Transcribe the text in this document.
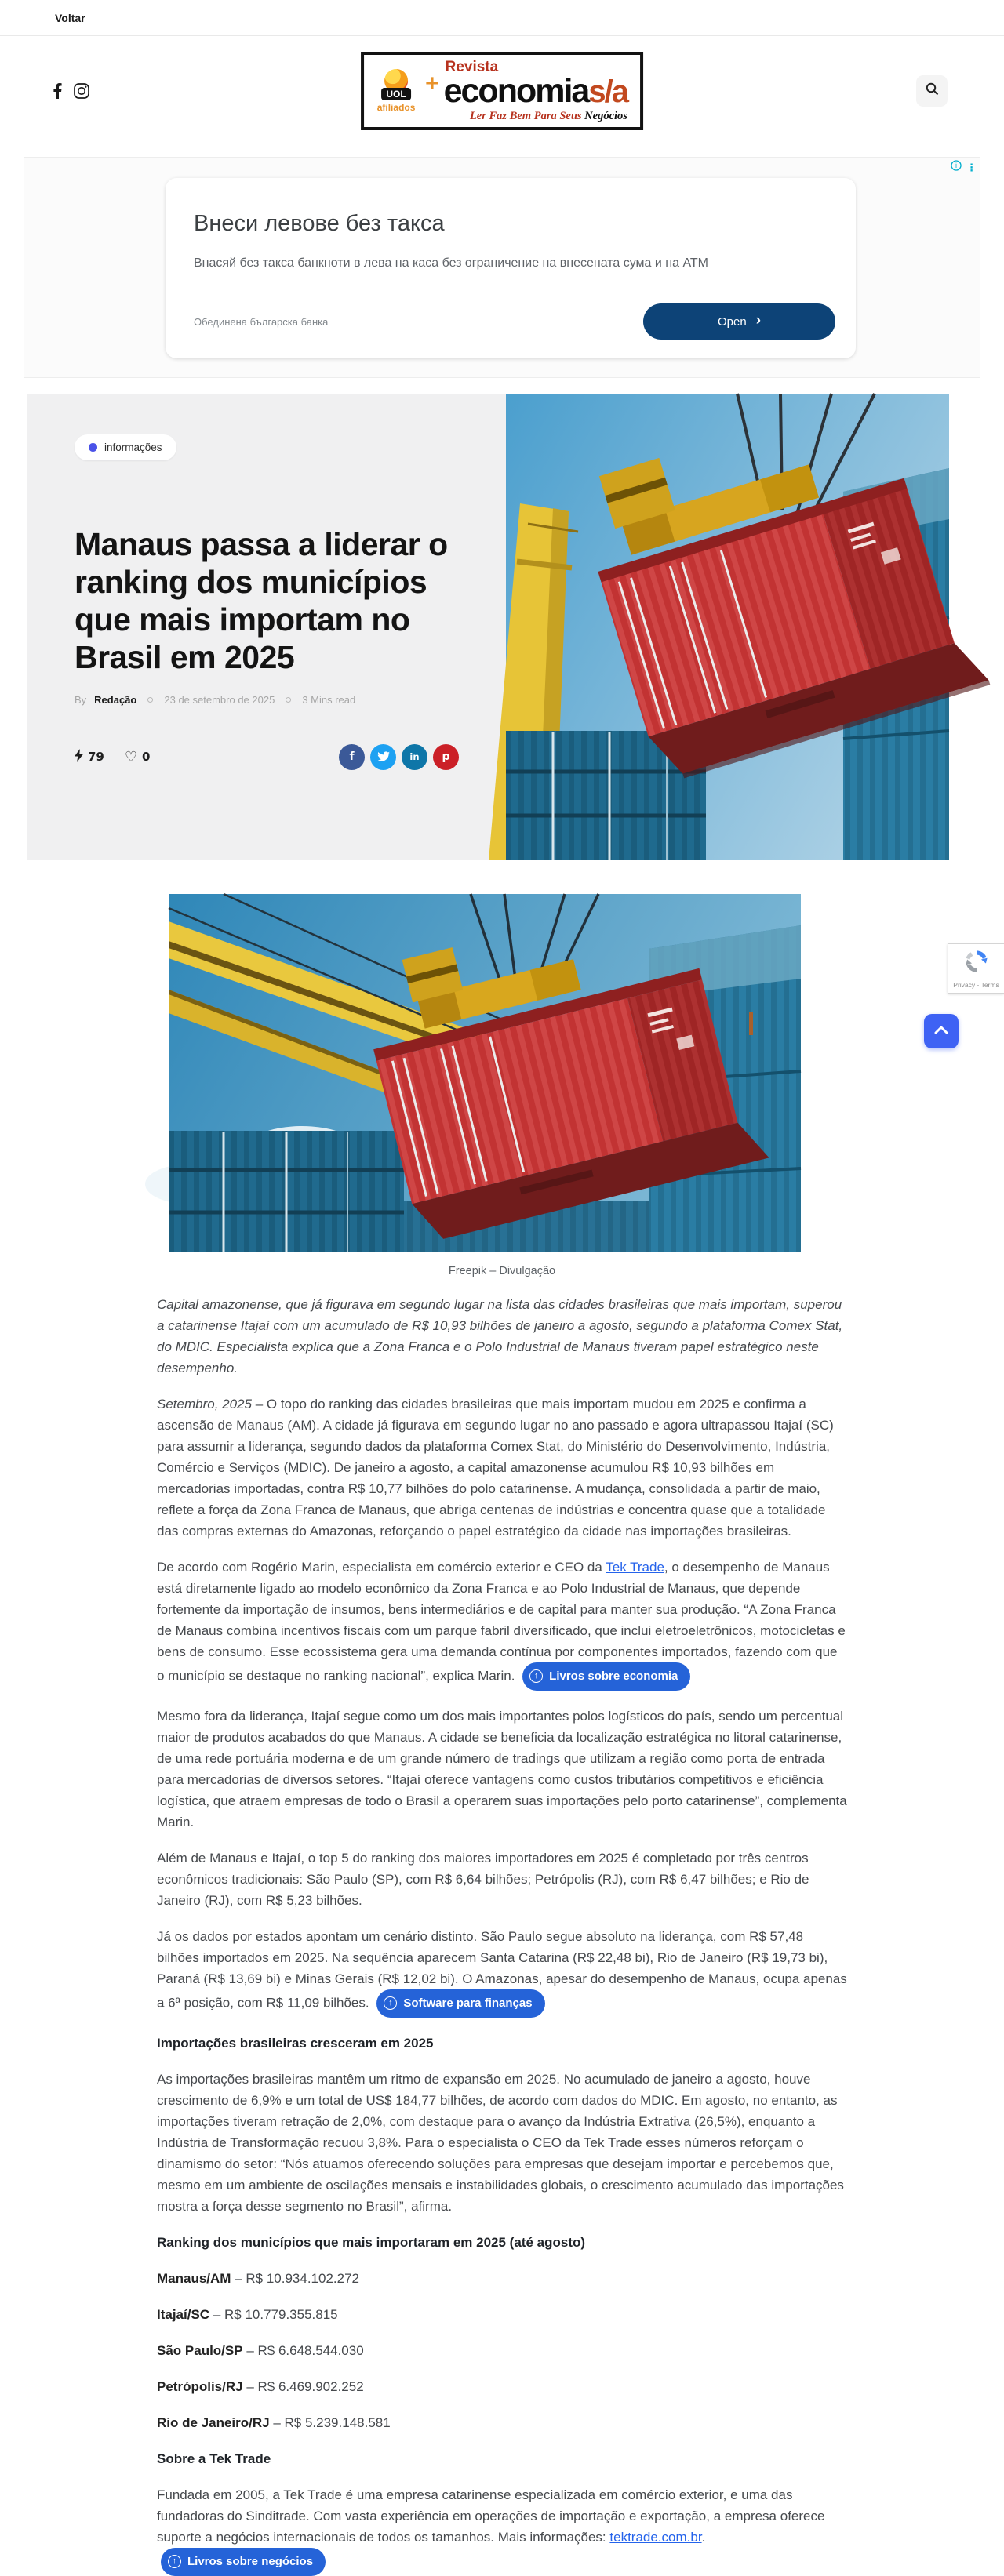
Voltar
UOL
afiliados
+
Revista
economia s/a
Ler Faz Bem Para Seus Negócios
i ⋮
Внеси левове без такса
Внасяй без такса банкноти в лева на каса без ограничение на внесената сума и на АТМ
Обединена българска банка	Open ›
informações
Manaus passa a liderar o ranking dos municípios que mais importam no Brasil em 2025
By Redação	23 de setembro de 2025	3 Mins read
79 ♡ 0	f	in	p
Freepik – Divulgação

Capital amazonense, que já figurava em segundo lugar na lista das cidades brasileiras que mais importam, superou a catarinense Itajaí com um acumulado de R$ 10,93 bilhões de janeiro a agosto, segundo a plataforma Comex Stat, do MDIC. Especialista explica que a Zona Franca e o Polo Industrial de Manaus tiveram papel estratégico neste desempenho.

Setembro, 2025 – O topo do ranking das cidades brasileiras que mais importam mudou em 2025 e confirma a ascensão de Manaus (AM). A cidade já figurava em segundo lugar no ano passado e agora ultrapassou Itajaí (SC) para assumir a liderança, segundo dados da plataforma Comex Stat, do Ministério do Desenvolvimento, Indústria, Comércio e Serviços (MDIC). De janeiro a agosto, a capital amazonense acumulou R$ 10,93 bilhões em mercadorias importadas, contra R$ 10,77 bilhões do polo catarinense. A mudança, consolidada a partir de maio, reflete a força da Zona Franca de Manaus, que abriga centenas de indústrias e concentra quase que a totalidade das compras externas do Amazonas, reforçando o papel estratégico da cidade nas importações brasileiras.

De acordo com Rogério Marin, especialista em comércio exterior e CEO da Tek Trade, o desempenho de Manaus está diretamente ligado ao modelo econômico da Zona Franca e ao Polo Industrial de Manaus, que depende fortemente da importação de insumos, bens intermediários e de capital para manter sua produção. “A Zona Franca de Manaus combina incentivos fiscais com um parque fabril diversificado, que inclui eletroeletrônicos, motocicletas e bens de consumo. Esse ecossistema gera uma demanda contínua por componentes importados, fazendo com que o município se destaque no ranking nacional”, explica Marin.	↑ Livros sobre economia

Mesmo fora da liderança, Itajaí segue como um dos mais importantes polos logísticos do país, sendo um percentual maior de produtos acabados do que Manaus. A cidade se beneficia da localização estratégica no litoral catarinense, de uma rede portuária moderna e de um grande número de tradings que utilizam a região como porta de entrada para mercadorias de diversos setores. “Itajaí oferece vantagens como custos tributários competitivos e eficiência logística, que atraem empresas de todo o Brasil a operarem suas importações pelo porto catarinense”, complementa Marin.

Além de Manaus e Itajaí, o top 5 do ranking dos maiores importadores em 2025 é completado por três centros econômicos tradicionais: São Paulo (SP), com R$ 6,64 bilhões; Petrópolis (RJ), com R$ 6,47 bilhões; e Rio de Janeiro (RJ), com R$ 5,23 bilhões.

Já os dados por estados apontam um cenário distinto. São Paulo segue absoluto na liderança, com R$ 57,48 bilhões importados em 2025. Na sequência aparecem Santa Catarina (R$ 22,48 bi), Rio de Janeiro (R$ 19,73 bi), Paraná (R$ 13,69 bi) e Minas Gerais (R$ 12,02 bi). O Amazonas, apesar do desempenho de Manaus, ocupa apenas a 6ª posição, com R$ 11,09 bilhões.	↑ Software para finanças

Importações brasileiras cresceram em 2025

As importações brasileiras mantêm um ritmo de expansão em 2025. No acumulado de janeiro a agosto, houve crescimento de 6,9% e um total de US$ 184,77 bilhões, de acordo com dados do MDIC. Em agosto, no entanto, as importações tiveram retração de 2,0%, com destaque para o avanço da Indústria Extrativa (26,5%), enquanto a Indústria de Transformação recuou 3,8%. Para o especialista o CEO da Tek Trade esses números reforçam o dinamismo do setor: “Nós atuamos oferecendo soluções para empresas que desejam importar e percebemos que, mesmo em um ambiente de oscilações mensais e instabilidades globais, o crescimento acumulado das importações mostra a força desse segmento no Brasil”, afirma.

Ranking dos municípios que mais importaram em 2025 (até agosto)

Manaus/AM – R$ 10.934.102.272

Itajaí/SC – R$ 10.779.355.815

São Paulo/SP – R$ 6.648.544.030

Petrópolis/RJ – R$ 6.469.902.252

Rio de Janeiro/RJ – R$ 5.239.148.581

Sobre a Tek Trade

Fundada em 2005, a Tek Trade é uma empresa catarinense especializada em comércio exterior, e uma das fundadoras do Sinditrade. Com vasta experiência em operações de importação e exportação, a empresa oferece suporte a negócios internacionais de todos os tamanhos. Mais informações: tektrade.com.br.
↑ Livros sobre negócios

Privacy - Terms
